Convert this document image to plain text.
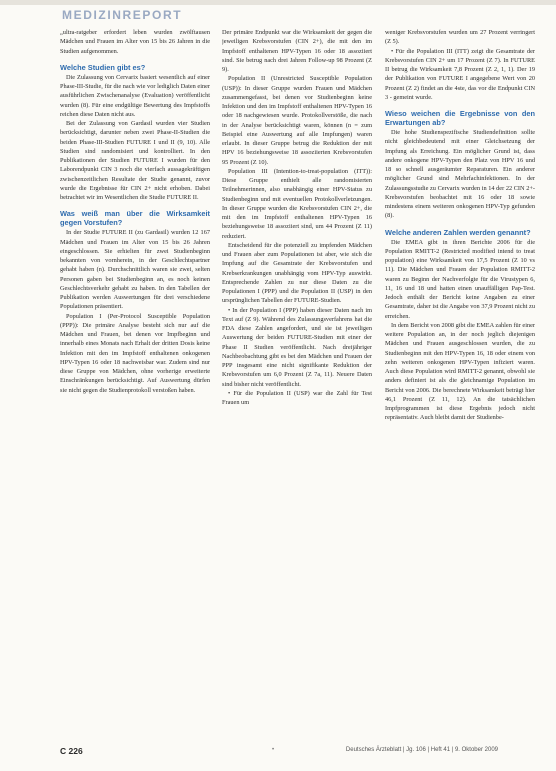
MEDIZINREPORT

„ultra-ratgeber erfordert leben wurden zwölftausen Mädchen und Frauen im Alter von 15 bis 26 Jahren in die Studien aufgenommen.

Welche Studien gibt es?

Die Zulassung von Cervarix basiert wesentlich auf einer Phase-III-Studie, für die nach wie vor lediglich Daten einer ausführlichen Zwischenanalyse (Evaluation) veröffentlicht wurden (8). Für eine endgültige Bewertung des Impfstoffs reichen diese Daten nicht aus.

Bei der Zulassung von Gardasil wurden vier Studien berücksichtigt, darunter neben zwei Phase-II-Studien die beiden Phase-III-Studien FUTURE I und II (9, 10). Alle Studien sind randomisiert und kontrolliert. In den Publikationen der Studien FUTURE I wurden für den Laborendpunkt CIN 3 noch die vierfach aussagekräftigen zwischenzeitlichen Resultate der Studie genannt, zuvor wurde die Ergebnisse für CIN 2+ nicht erhoben. Dabei betrachtet wir im Wesentlichen die Studie FUTURE II.

Was weiß man über die Wirksamkeit gegen Vorstufen?

In der Studie FUTURE II (zu Gardasil) wurden 12 167 Mädchen und Frauen im Alter von 15 bis 26 Jahren eingeschlossen. Sie erhielten für zwei Studienbeginn bekannten von vornherein, in der Geschlechtspartner gehabt haben (n). Durchschnittlich waren sie zwei, selten Personen gaben bei Studienbeginn an, es noch keinen Geschlechtsverkehr gehabt zu haben. In den Tabellen der Publikation werden Auswertungen für drei verschiedene Populationen präsentiert.

Population I (Per-Protocol Susceptible Population (PPP)): Die primäre Analyse besteht sich nur auf die Mädchen und Frauen, bei denen vor Impfbeginn und innerhalb eines Monats nach Erhalt der dritten Dosis keine Infektion mit den im Impfstoff enthaltenen onkogenen HPV-Typen 16 oder 18 nachweisbar war. Zudem sind nur diese Gruppe von Mädchen, ohne vorherige erweiterte Einschränkungen berücksichtigt. Auf Auswertung dürfen sie nicht gegen die Studienprotokoll verstoßen haben.

Der primäre Endpunkt war die Wirksamkeit der gegen die jeweiligen Krebsvorstufen (CIN 2+), die mit den im Impfstoff enthaltenen HPV-Typen 16 oder 18 assoziiert sind. Sie betrug nach drei Jahren Follow-up 98 Prozent (Z 9).

Population II (Unrestricted Susceptible Population (USP)): In dieser Gruppe wurden Frauen und Mädchen zusammengefasst, bei denen vor Studienbeginn keine Infektion und den im Impfstoff enthaltenen HPV-Typen 16 oder 18 nachgewiesen wurde. Protokollverstöße, die nach in der Analyse berücksichtigt waren, können (n = zum Beispiel eine Auswertung auf alle Impfungen) waren erlaubt. In dieser Gruppe betrug die Reduktion der mit HPV 16 beziehungsweise 18 assoziierten Krebsvorstufen 95 Prozent (Z 10).

Population III (Intention-to-treat-population (ITT)): Diese Gruppe enthielt alle randomisierten Teilnehmerinnen, also unabhängig einer HPV-Status zu Studienbeginn und mit eventuellen Protokollverletzungen. In dieser Gruppe wurden die Krebsvorstufen CIN 2+, die mit den im Impfstoff enthaltenen HPV-Typen 16 beziehungsweise 18 assoziiert sind, um 44 Prozent (Z 11) reduziert.

Entscheidend für die potenziell zu impfenden Mädchen und Frauen aber zum Populationen ist aber, wie sich die Impfung auf die Gesamtrate der Krebsvorstufen und Krebserkrankungen unabhängig vom HPV-Typ auswirkt. Entsprechende Zahlen zu nur diese Daten zu die Populationen I (PPP) und die Population II (USP) in den ursprünglichen Tabellen der FUTURE-Studien.

• In der Population I (PPP) haben dieser Daten nach im Text auf (Z 9). Während des Zulassungsverfahrens hat die FDA diese Zahlen angefordert, und sie ist jeweiligen Auswertung der beiden FUTURE-Studien mit einer der Phase II Studien veröffentlicht. Nach dreijähriger Nachbeobachtung gibt es bei den Mädchen und Frauen der PPP insgesamt eine nicht signifikante Reduktion der Krebsvorstufen um 6,0 Prozent (Z 7a, 11). Neuere Daten sind bisher nicht veröffentlicht.

• Für die Population II (USP) war die Zahl für Test Frauen um

weniger Krebsvorstufen wurden um 27 Prozent verringert (Z 5).

• Für die Population III (ITT) zeigt die Gesamtrate der Krebsvorstufen CIN 2+ um 17 Prozent (Z 7). In FUTURE II betrug die Wirksamkeit 7,8 Prozent (Z 2, 1, 1). Der 19 der Publikation von FUTURE I angegebene Wert von 20 Prozent (Z 2) findet an die 4ste, das vor die Endpunkt CIN 3 - gemeint wurde.

Wieso weichen die Ergebnisse von den Erwartungen ab?

Die hohe Studienspezifische Studiendefinition sollte nicht gleichbedeutend mit einer Gleichsetzung der Impfung als Erreichung. Ein möglicher Grund ist, dass andere onkogene HPV-Typen den Platz von HPV 16 und 18 so schnell ausgeräumter Reparaturen. Ein anderer möglicher Grund sind Mehrfachinfektionen. In der Zulassungsstudie zu Cervarix wurden in 14 der 22 CIN 2+-Krebsvorstufen beobachtet mit 16 oder 18 sowie mindestens einem weiteren onkogenen HPV-Typ gefunden (8).

Welche anderen Zahlen werden genannt?

Die EMEA gibt in ihren Berichte 2006 für die Population RMITT-2 (Restricted modified intend to treat population) eine Wirksamkeit von 17,5 Prozent (Z 10 vs 11). Die Mädchen und Frauen der Population RMITT-2 waren zu Beginn der Nachverfolgte für die Virustypen 6, 11, 16 und 18 und hatten einen unauffälligen Pap-Test. Jedoch enthält der Bericht keine Angaben zu einer Gesamtrate, daher ist die Angabe von 37,9 Prozent nicht zu erreichen.

In dem Bericht von 2008 gibt die EMEA zahlen für einer weitere Population an, in der noch jeglich diejenigen Mädchen und Frauen ausgeschlossen wurden, die zu Studienbeginn mit den HPV-Typen 16, 18 oder einem von zehn weiteren onkogenen HPV-Typen infiziert waren. Auch diese Population wird RMITT-2 genannt, obwohl sie anders definiert ist als die gleichnamige Population im Bericht von 2006. Die berechnete Wirksamkeit beträgt hier 46,1 Prozent (Z 11, 12). An die tatsächlichen Impfprogrammen ist diese Ergebnis jedoch nicht repräsentativ. Auch bleibt damit der Studienbe-

C 226	•	Deutsches Ärzteblatt | Jg. 106 | Heft 41 | 9. Oktober 2009
